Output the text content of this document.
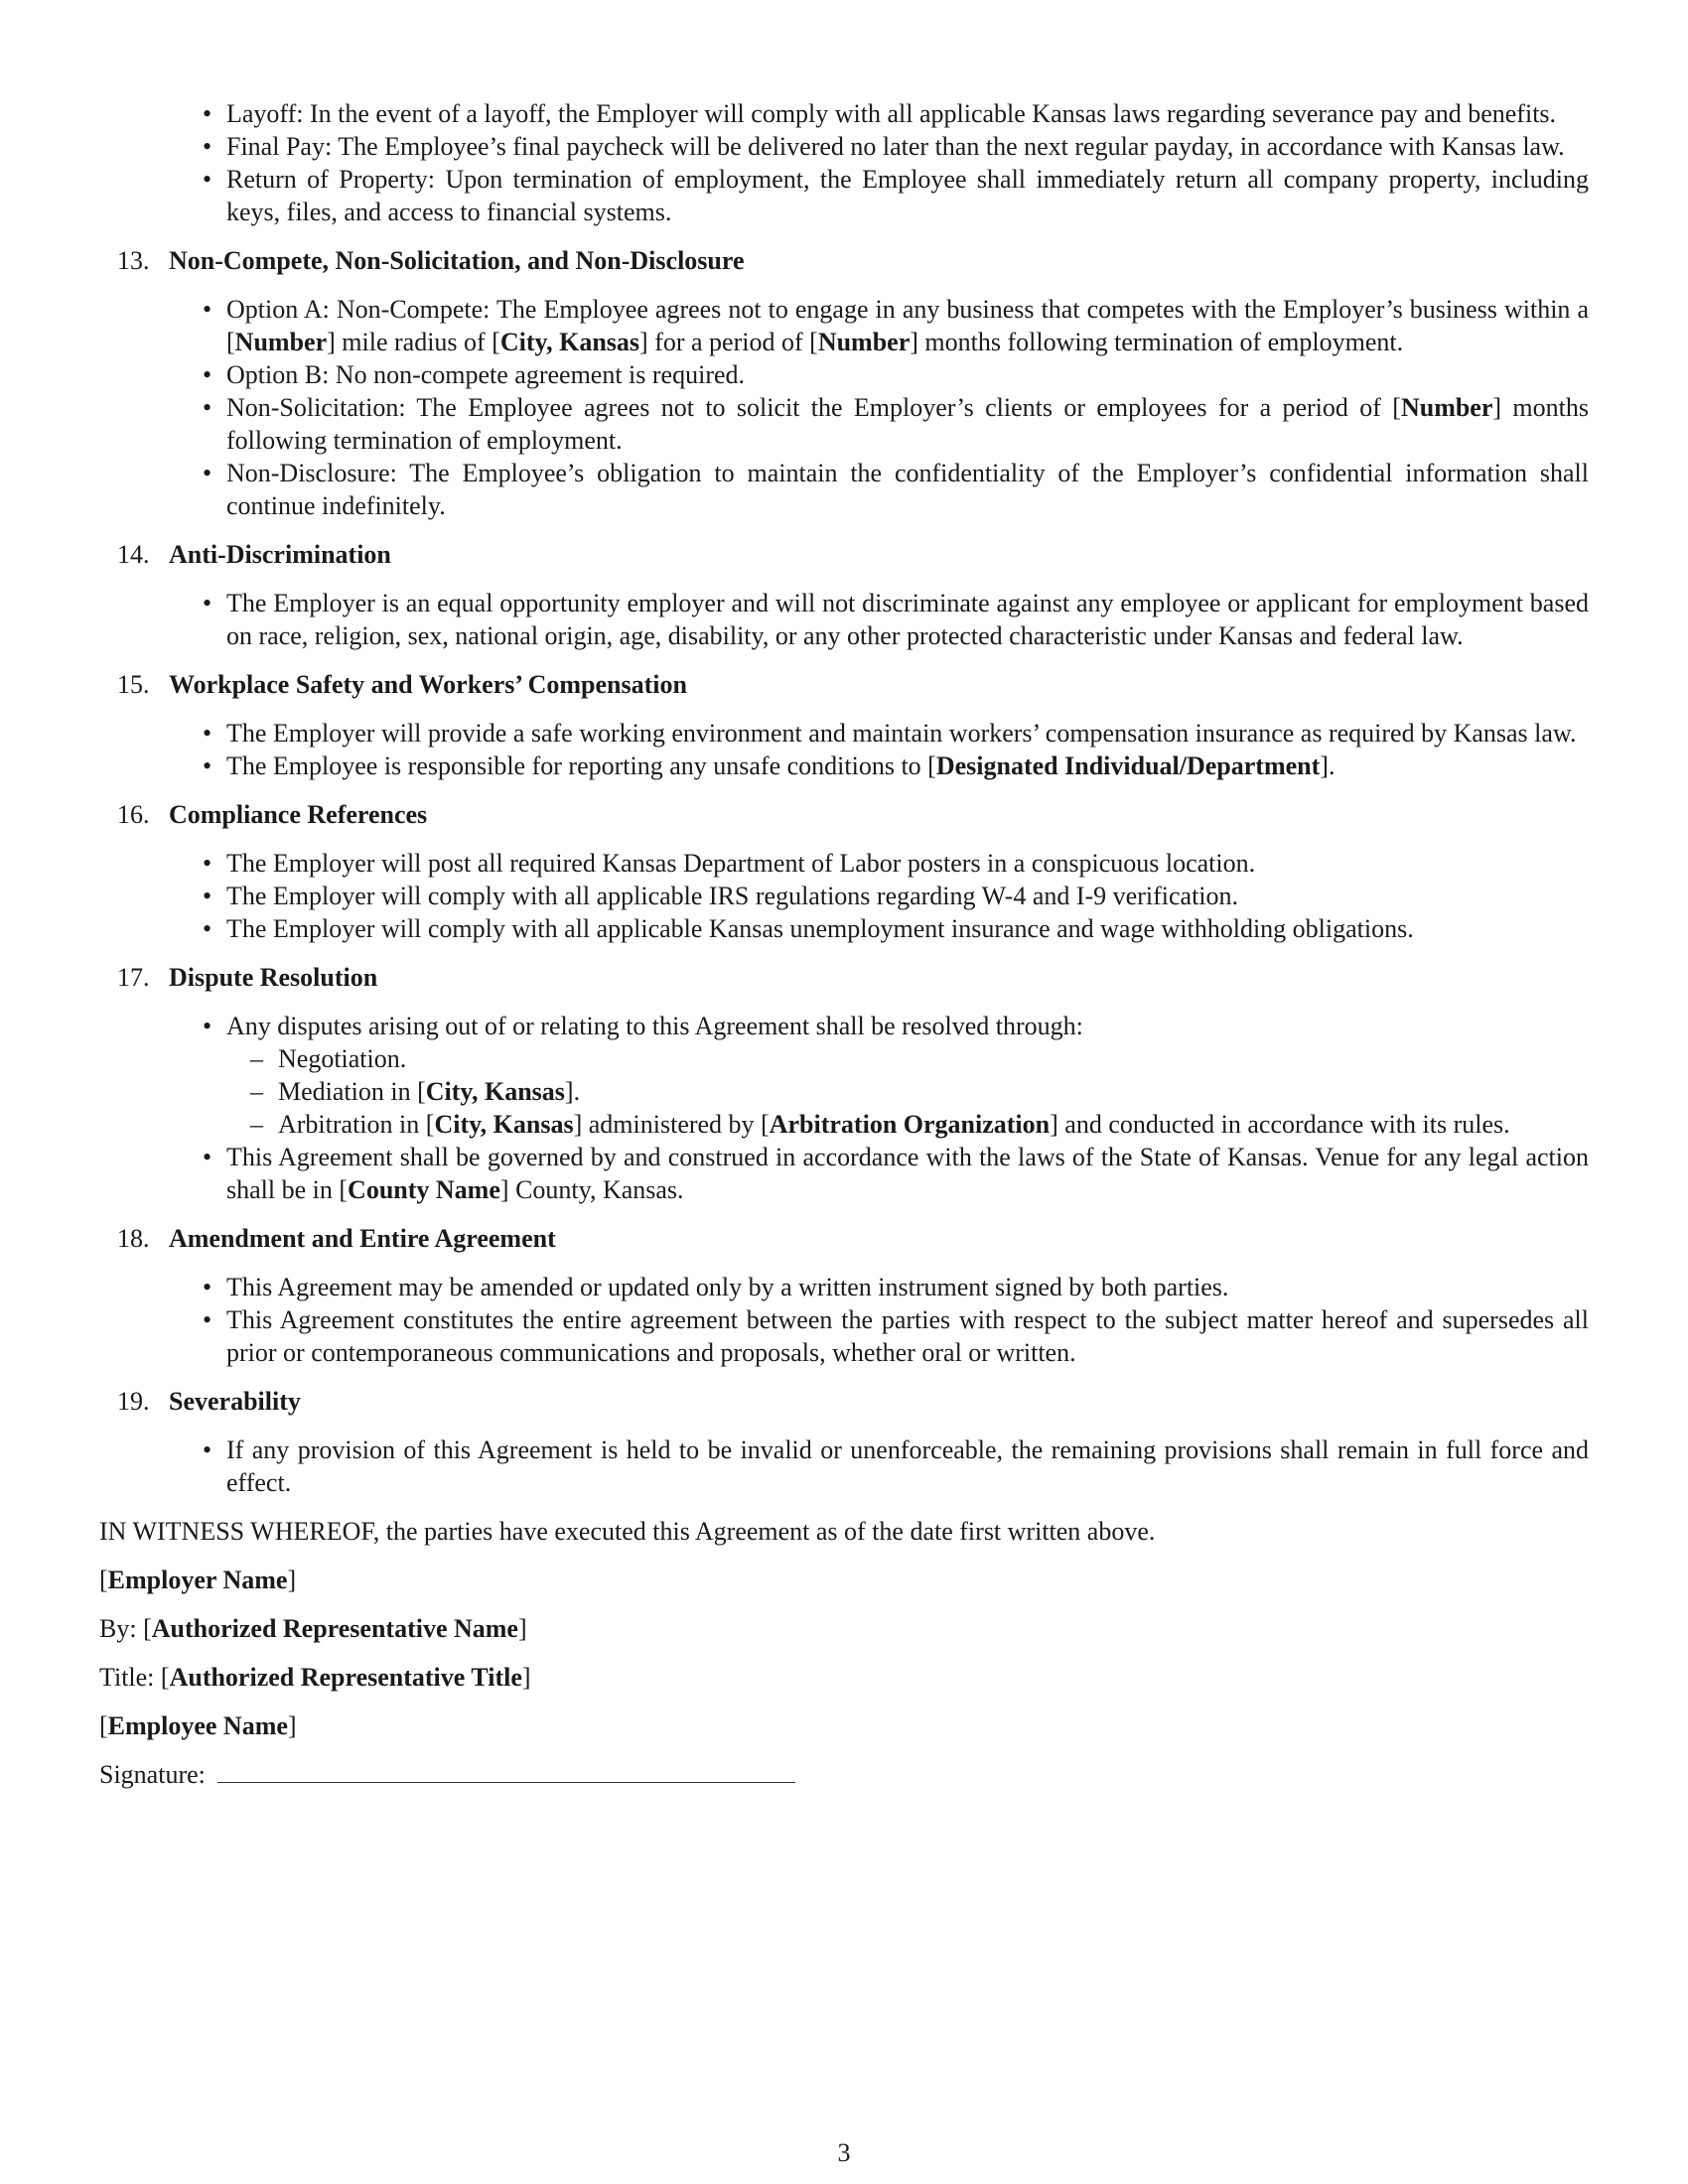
• Layoff: In the event of a layoff, the Employer will comply with all applicable Kansas laws regarding severance pay and benefits.
• Final Pay: The Employee’s final paycheck will be delivered no later than the next regular payday, in accordance with Kansas law.
• Return of Property: Upon termination of employment, the Employee shall immediately return all company property, including keys, files, and access to financial systems.
13. Non-Compete, Non-Solicitation, and Non-Disclosure
• Option A: Non-Compete: The Employee agrees not to engage in any business that competes with the Employer’s business within a [Number] mile radius of [City, Kansas] for a period of [Number] months following termination of employment.
• Option B: No non-compete agreement is required.
• Non-Solicitation: The Employee agrees not to solicit the Employer’s clients or employees for a period of [Number] months following termination of employment.
• Non-Disclosure: The Employee’s obligation to maintain the confidentiality of the Employer’s confidential information shall continue indefinitely.
14. Anti-Discrimination
• The Employer is an equal opportunity employer and will not discriminate against any employee or applicant for employment based on race, religion, sex, national origin, age, disability, or any other protected characteristic under Kansas and federal law.
15. Workplace Safety and Workers’ Compensation
• The Employer will provide a safe working environment and maintain workers’ compensation insurance as required by Kansas law.
• The Employee is responsible for reporting any unsafe conditions to [Designated Individual/Department].
16. Compliance References
• The Employer will post all required Kansas Department of Labor posters in a conspicuous location.
• The Employer will comply with all applicable IRS regulations regarding W-4 and I-9 verification.
• The Employer will comply with all applicable Kansas unemployment insurance and wage withholding obligations.
17. Dispute Resolution
• Any disputes arising out of or relating to this Agreement shall be resolved through:
– Negotiation.
– Mediation in [City, Kansas].
– Arbitration in [City, Kansas] administered by [Arbitration Organization] and conducted in accordance with its rules.
• This Agreement shall be governed by and construed in accordance with the laws of the State of Kansas. Venue for any legal action shall be in [County Name] County, Kansas.
18. Amendment and Entire Agreement
• This Agreement may be amended or updated only by a written instrument signed by both parties.
• This Agreement constitutes the entire agreement between the parties with respect to the subject matter hereof and supersedes all prior or contemporaneous communications and proposals, whether oral or written.
19. Severability
• If any provision of this Agreement is held to be invalid or unenforceable, the remaining provisions shall remain in full force and effect.
IN WITNESS WHEREOF, the parties have executed this Agreement as of the date first written above.
[Employer Name]
By: [Authorized Representative Name]
Title: [Authorized Representative Title]
[Employee Name]
Signature:
3
